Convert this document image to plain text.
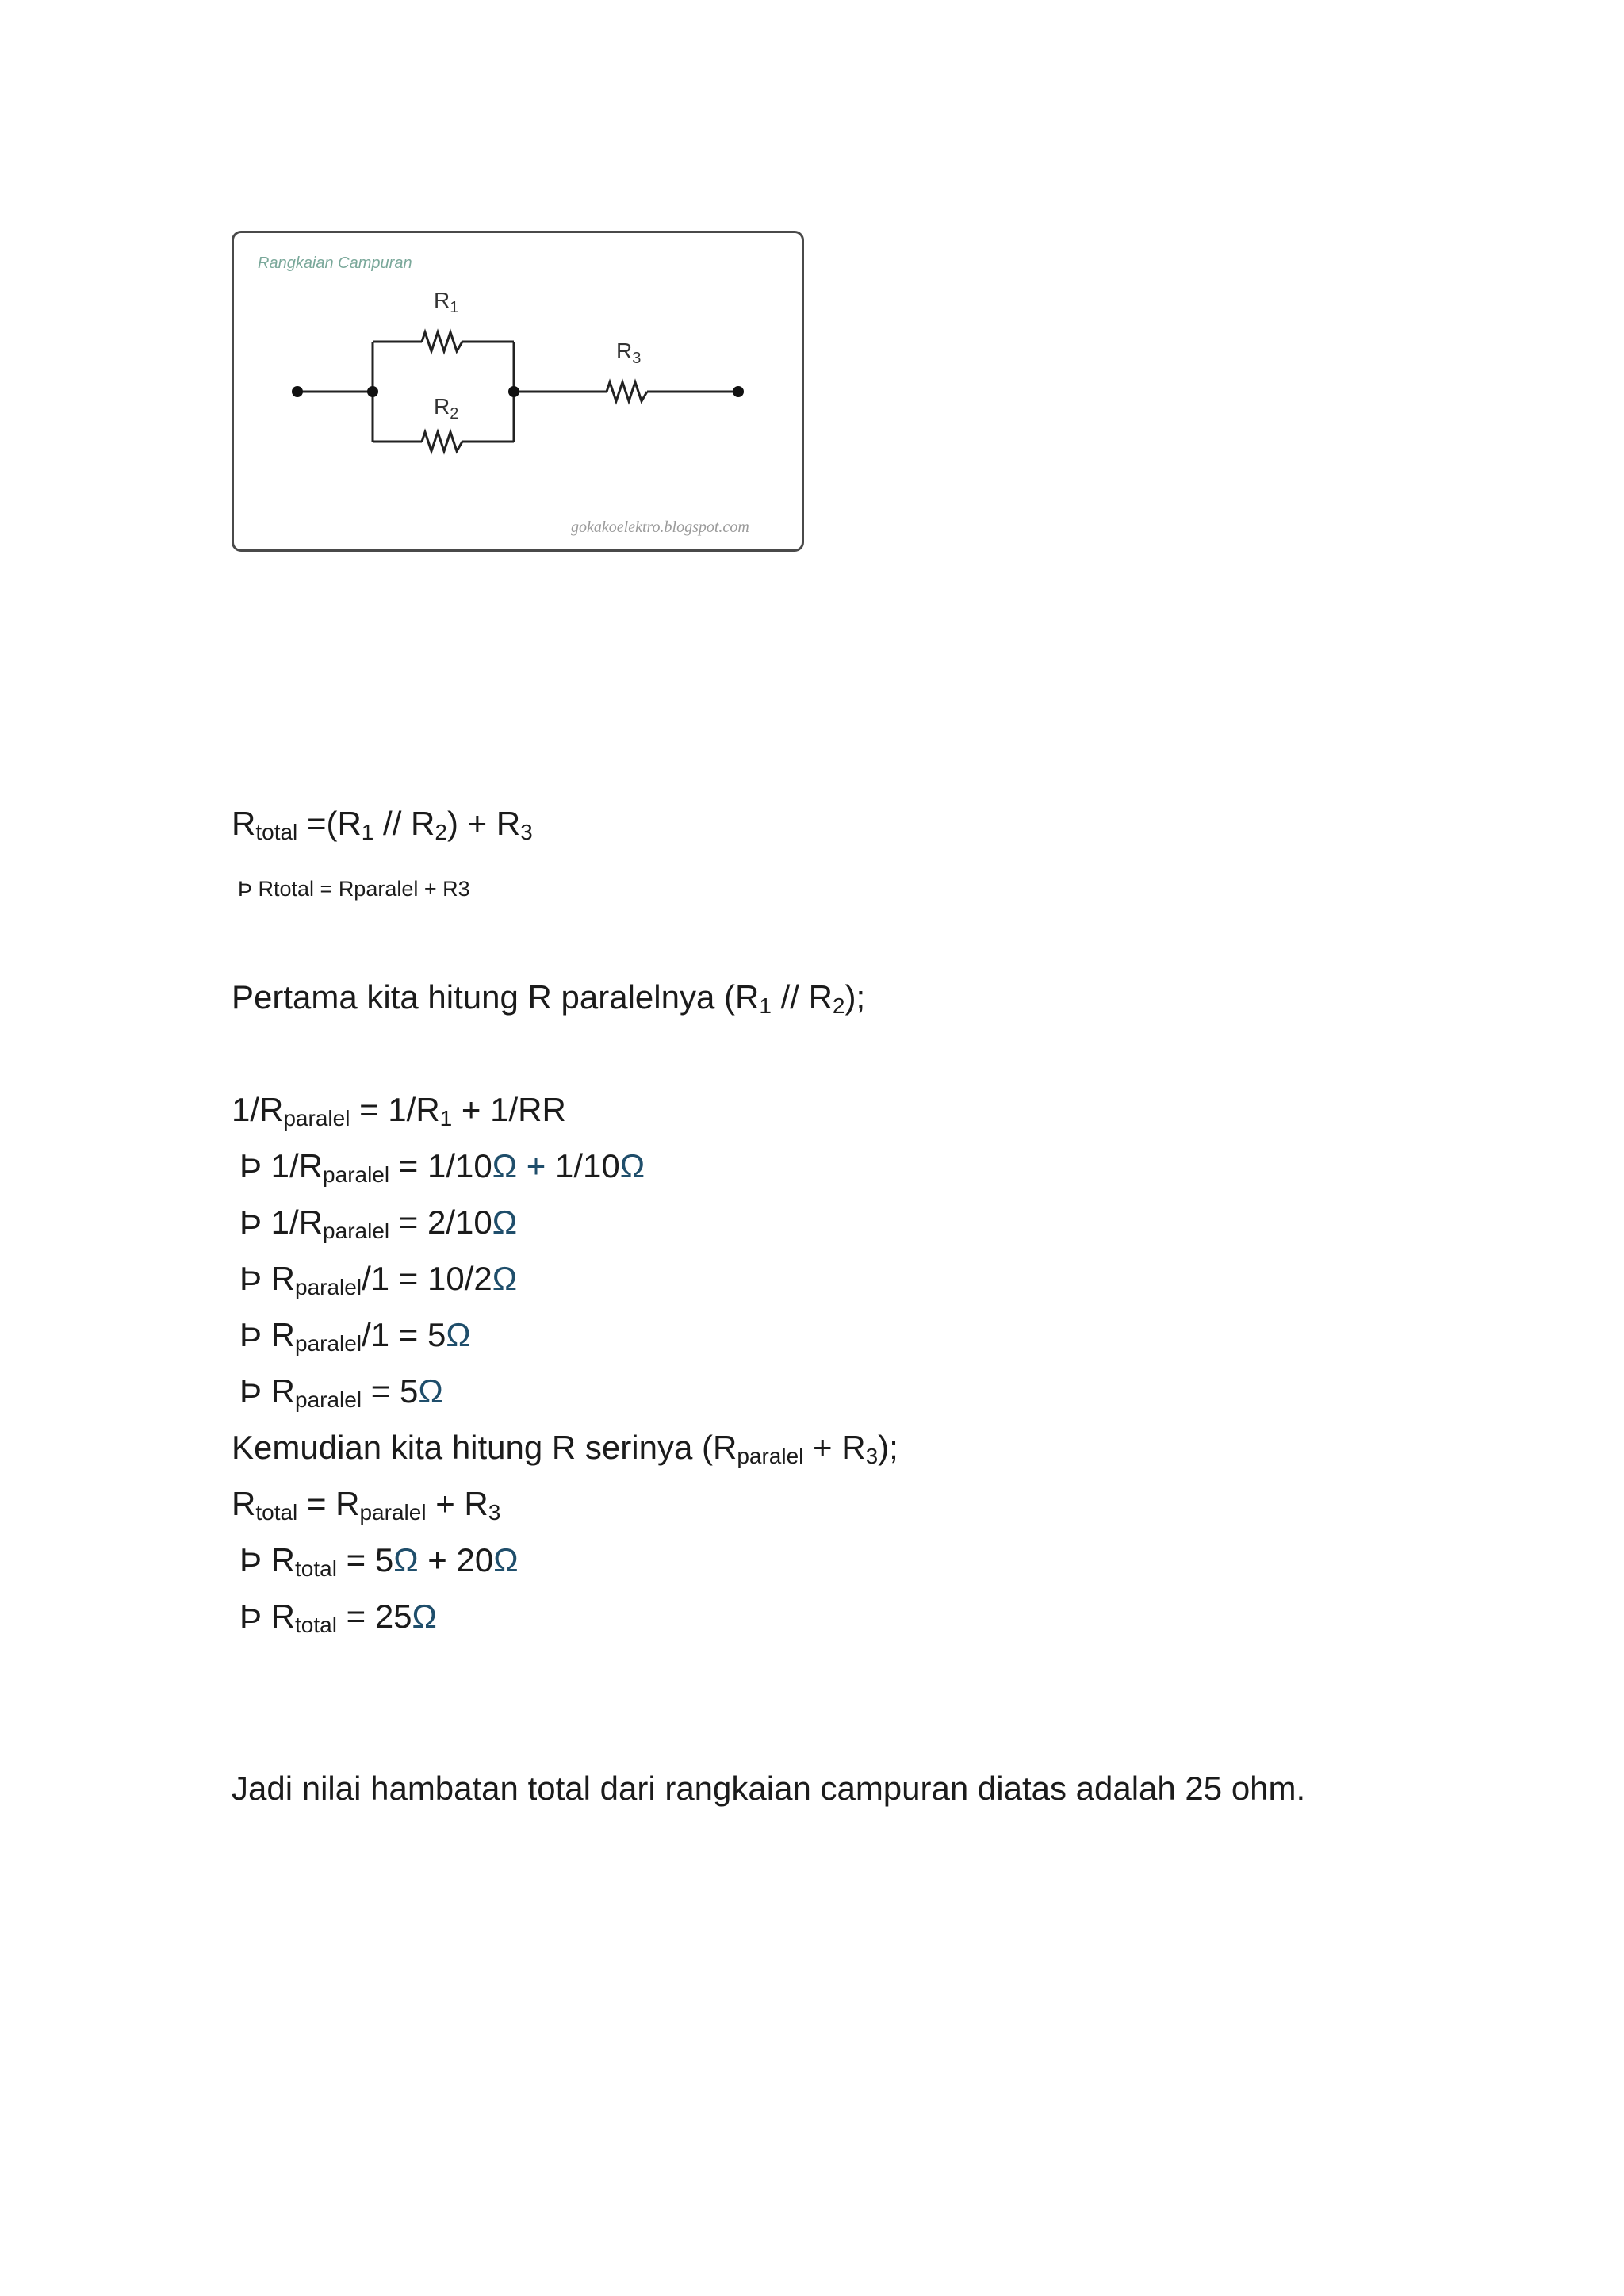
Rangkaian Campuran
$R_1$
$R_2$
$R_3$
gokakoelektro.blogspot.com
$R_{total} =(R_1 // R_2) + R_3$
Þ Rtotal = Rparalel + R3
Pertama kita hitung R paralelnya $(R_1 // R_2)$;
$1/R_{paralel} = 1/R_1 + 1/RR$
Þ $1/R_{paralel} = 1/10\Omega + 1/10\Omega$
Þ $1/R_{paralel} = 2/10\Omega$
Þ $R_{paralel}/1 = 10/2\Omega$
Þ $R_{paralel}/1 = 5\Omega$
Þ $R_{paralel} = 5\Omega$
Kemudian kita hitung R serinya $(R_{paralel} + R_3)$;
$R_{total} = R_{paralel} + R_3$
Þ $R_{total} = 5\Omega + 20\Omega$
Þ $R_{total} = 25\Omega$
Jadi nilai hambatan total dari rangkaian campuran diatas adalah 25 ohm.
